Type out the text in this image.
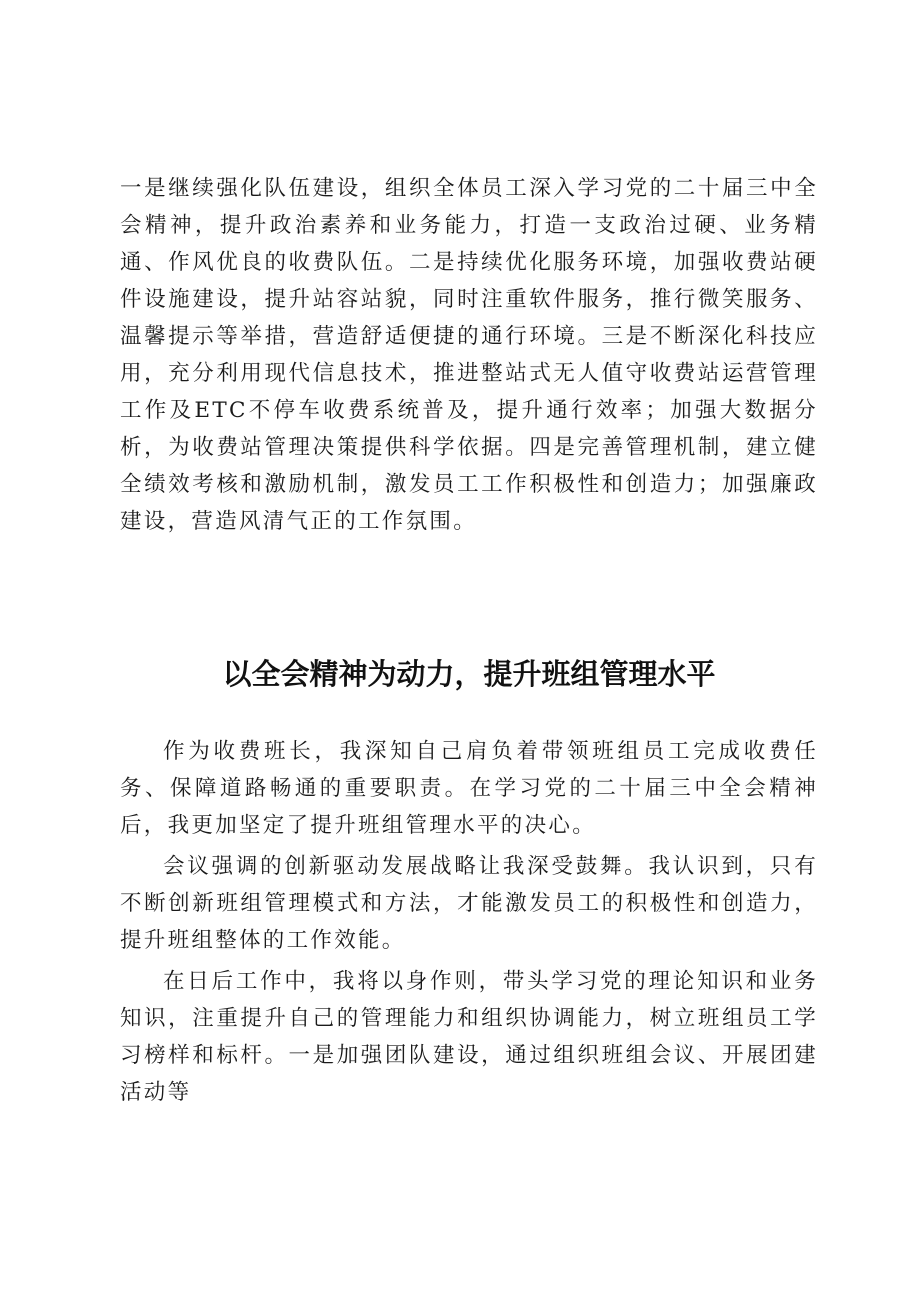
一是继续强化队伍建设，组织全体员工深入学习党的二十届三中全会精神，提升政治素养和业务能力，打造一支政治过硬、业务精通、作风优良的收费队伍。二是持续优化服务环境，加强收费站硬件设施建设，提升站容站貌，同时注重软件服务，推行微笑服务、温馨提示等举措，营造舒适便捷的通行环境。三是不断深化科技应用，充分利用现代信息技术，推进整站式无人值守收费站运营管理工作及ETC不停车收费系统普及，提升通行效率；加强大数据分析，为收费站管理决策提供科学依据。四是完善管理机制，建立健全绩效考核和激励机制，激发员工工作积极性和创造力；加强廉政建设，营造风清气正的工作氛围。

以全会精神为动力，提升班组管理水平

作为收费班长，我深知自己肩负着带领班组员工完成收费任务、保障道路畅通的重要职责。在学习党的二十届三中全会精神后，我更加坚定了提升班组管理水平的决心。

会议强调的创新驱动发展战略让我深受鼓舞。我认识到，只有不断创新班组管理模式和方法，才能激发员工的积极性和创造力，提升班组整体的工作效能。

在日后工作中，我将以身作则，带头学习党的理论知识和业务知识，注重提升自己的管理能力和组织协调能力，树立班组员工学习榜样和标杆。一是加强团队建设，通过组织班组会议、开展团建活动等
